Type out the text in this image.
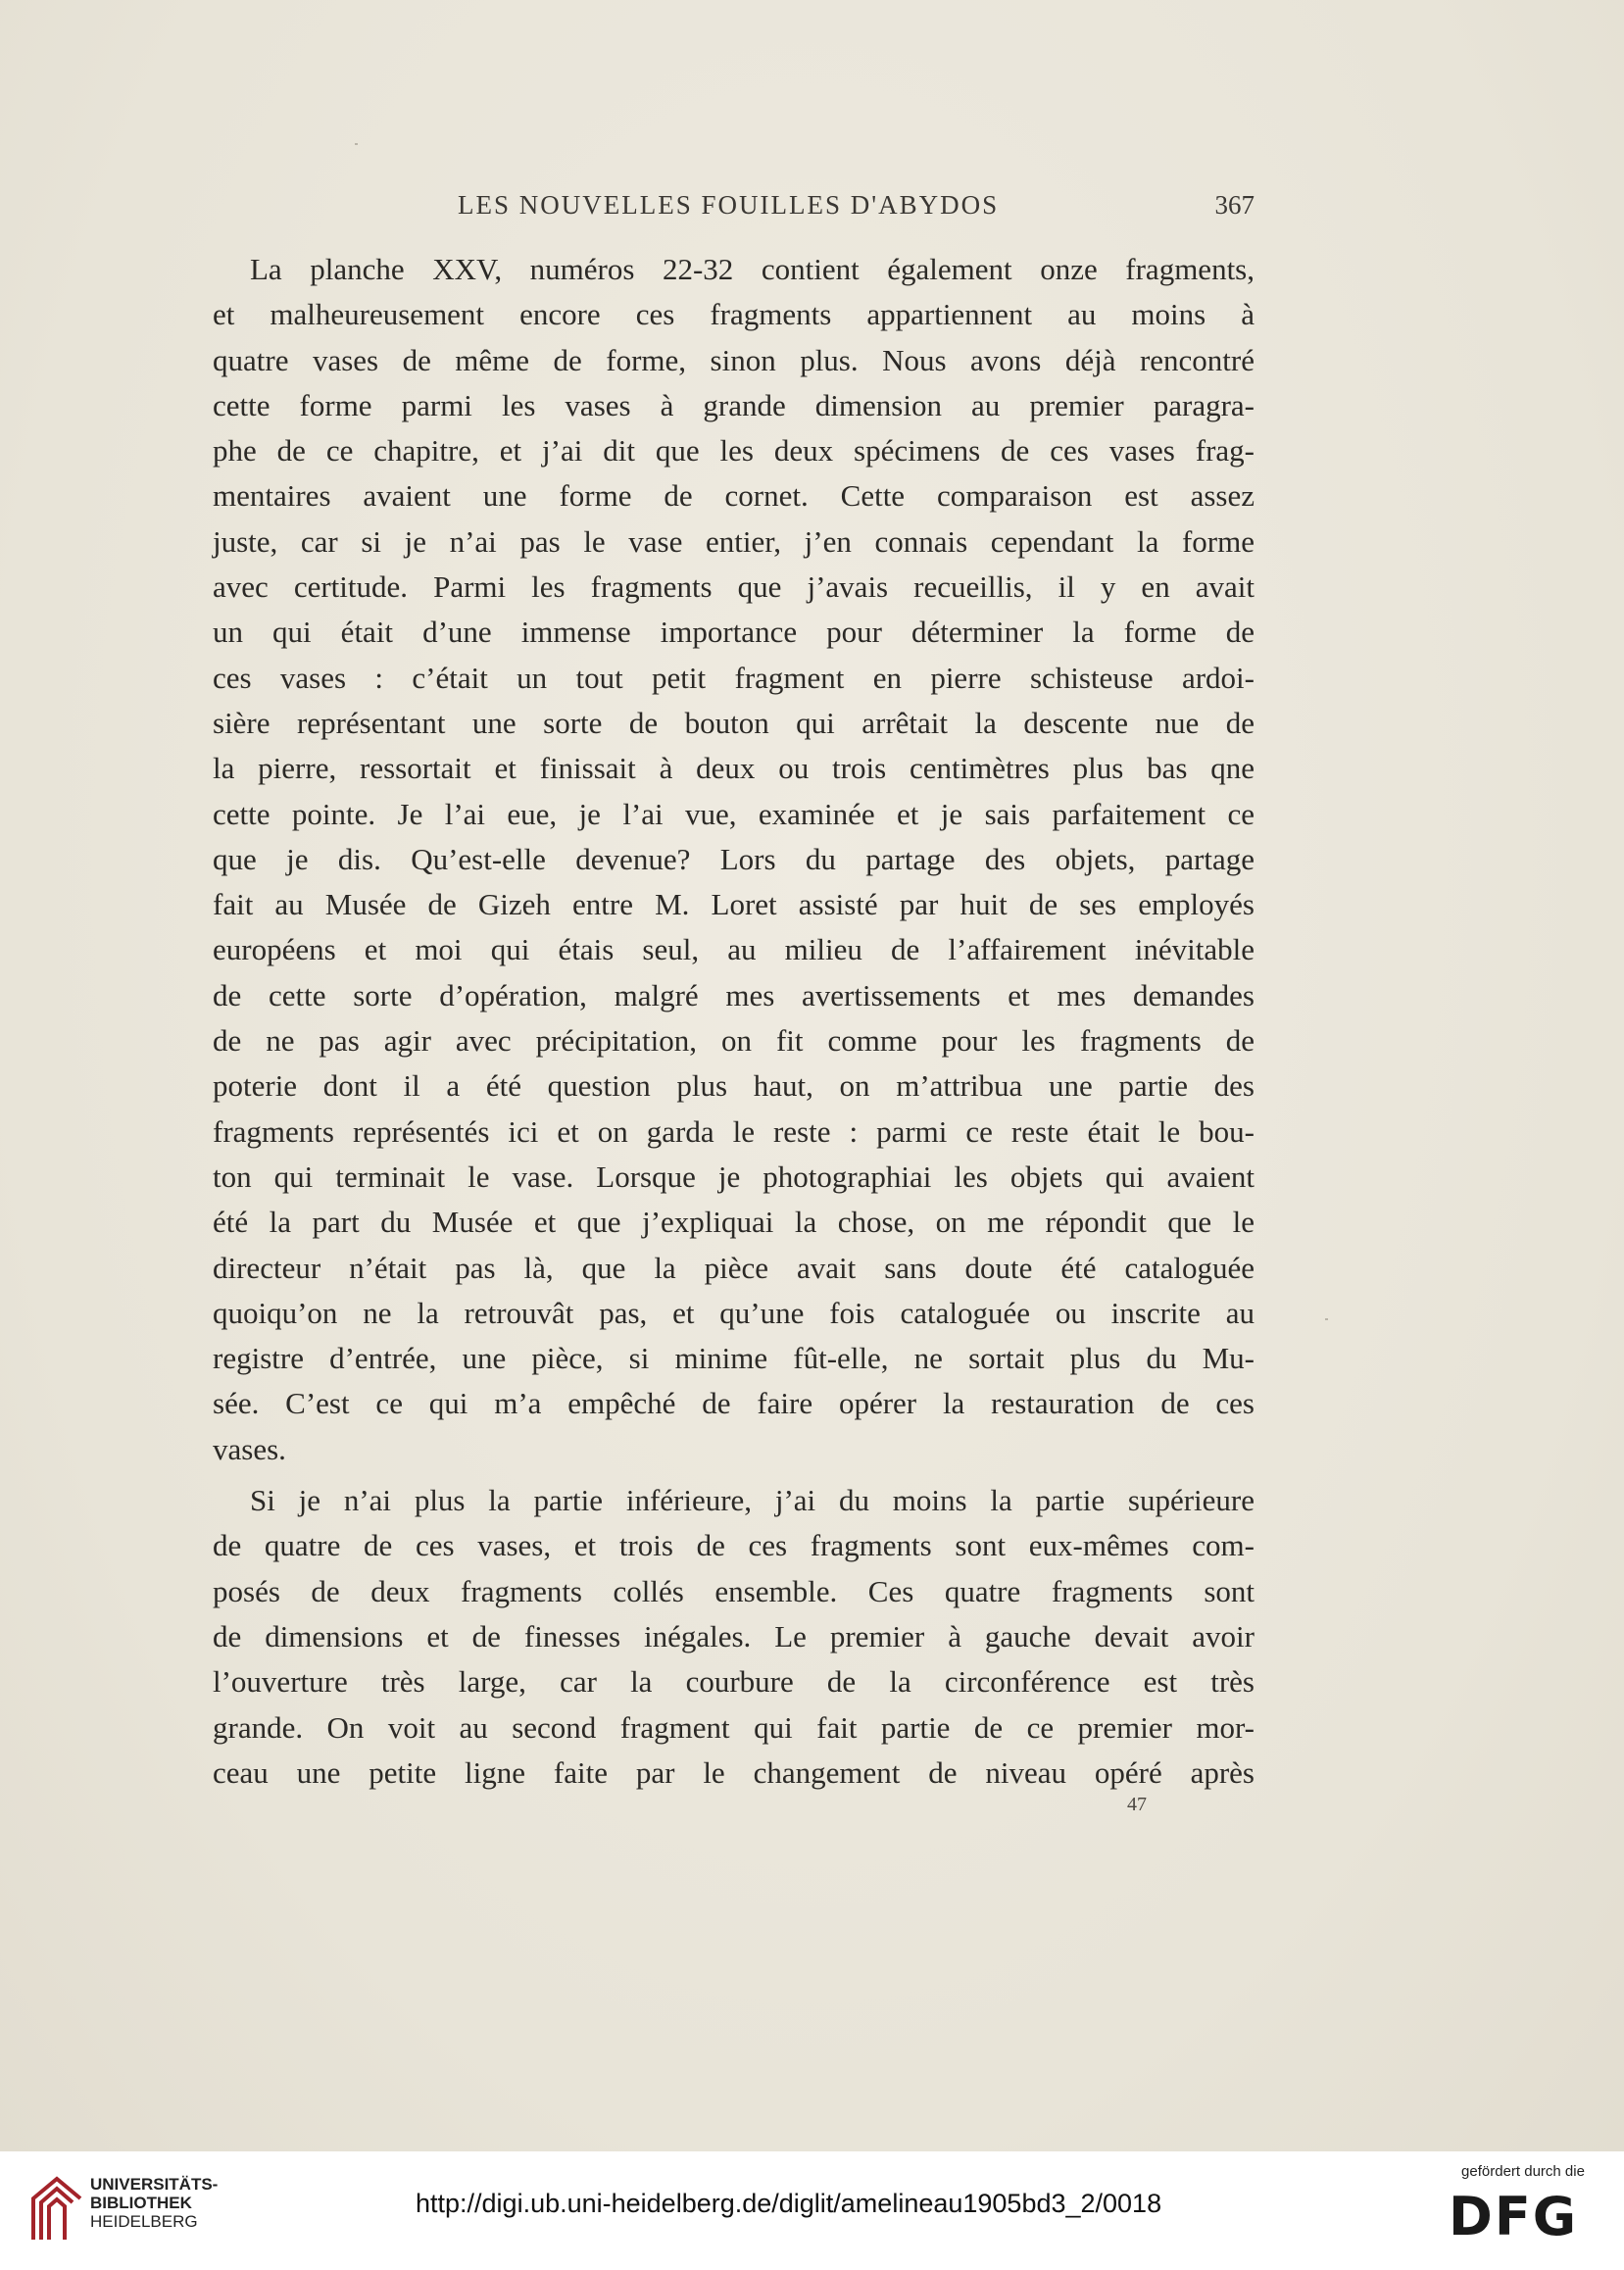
LES NOUVELLES FOUILLES D'ABYDOS	367
La planche XXV, numéros 22-32 contient également onze fragments,
et malheureusement encore ces fragments appartiennent au moins à
quatre vases de même de forme, sinon plus. Nous avons déjà rencontré
cette forme parmi les vases à grande dimension au premier paragra-
phe de ce chapitre, et j’ai dit que les deux spécimens de ces vases frag-
mentaires avaient une forme de cornet. Cette comparaison est assez
juste, car si je n’ai pas le vase entier, j’en connais cependant la forme
avec certitude. Parmi les fragments que j’avais recueillis, il y en avait
un qui était d’une immense importance pour déterminer la forme de
ces vases : c’était un tout petit fragment en pierre schisteuse ardoi-
sière représentant une sorte de bouton qui arrêtait la descente nue de
la pierre, ressortait et finissait à deux ou trois centimètres plus bas qne
cette pointe. Je l’ai eue, je l’ai vue, examinée et je sais parfaitement ce
que je dis. Qu’est-elle devenue? Lors du partage des objets, partage
fait au Musée de Gizeh entre M. Loret assisté par huit de ses employés
européens et moi qui étais seul, au milieu de l’affairement inévitable
de cette sorte d’opération, malgré mes avertissements et mes demandes
de ne pas agir avec précipitation, on fit comme pour les fragments de
poterie dont il a été question plus haut, on m’attribua une partie des
fragments représentés ici et on garda le reste : parmi ce reste était le bou-
ton qui terminait le vase. Lorsque je photographiai les objets qui avaient
été la part du Musée et que j’expliquai la chose, on me répondit que le
directeur n’était pas là, que la pièce avait sans doute été cataloguée
quoiqu’on ne la retrouvât pas, et qu’une fois cataloguée ou inscrite au
registre d’entrée, une pièce, si minime fût-elle, ne sortait plus du Mu-
sée. C’est ce qui m’a empêché de faire opérer la restauration de ces
vases.
Si je n’ai plus la partie inférieure, j’ai du moins la partie supérieure
de quatre de ces vases, et trois de ces fragments sont eux-mêmes com-
posés de deux fragments collés ensemble. Ces quatre fragments sont
de dimensions et de finesses inégales. Le premier à gauche devait avoir
l’ouverture très large, car la courbure de la circonférence est très
grande. On voit au second fragment qui fait partie de ce premier mor-
ceau une petite ligne faite par le changement de niveau opéré après
47
UNIVERSITÄTS-
BIBLIOTHEK
HEIDELBERG
http://digi.ub.uni-heidelberg.de/diglit/amelineau1905bd3_2/0018
gefördert durch die
DFG
